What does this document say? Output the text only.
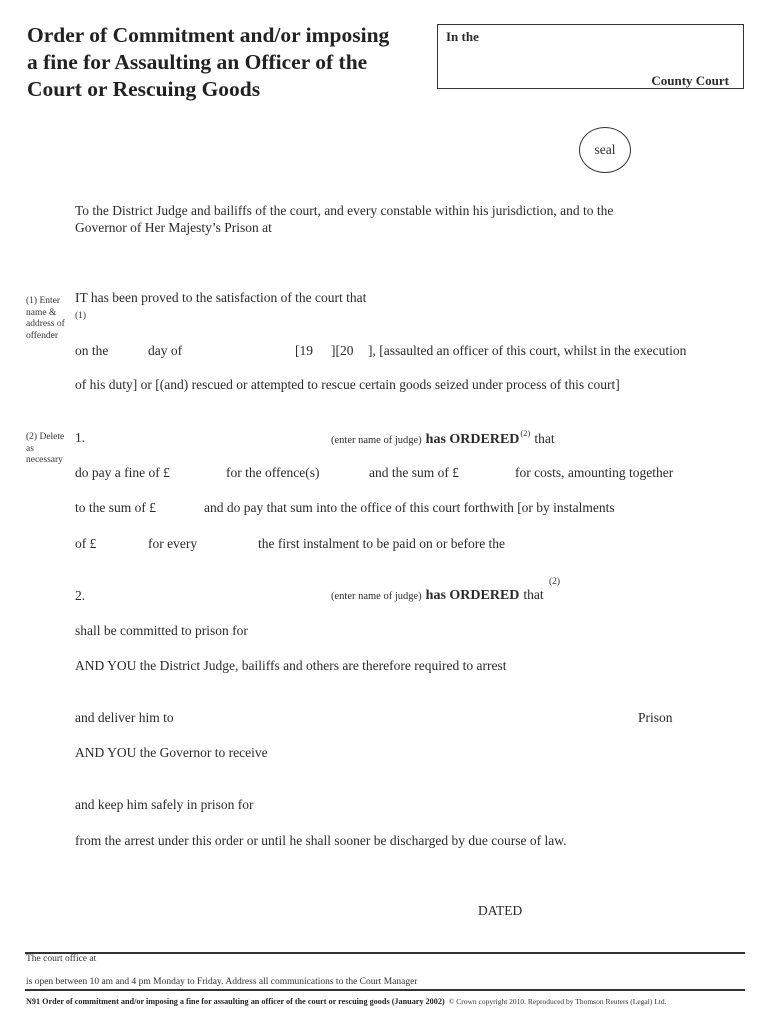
Order of Commitment and/or imposing
a fine for Assaulting an Officer of the
Court or Rescuing Goods
In the
County Court
seal
To the District Judge and bailiffs of the court, and every constable within his jurisdiction, and to the
Governor of Her Majesty’s Prison at
(1) Enter name & address of offender
(2) Delete as necessary
IT has been proved to the satisfaction of the court that
(1)
on the	day of	[19 ][20 ], [assaulted an officer of this court, whilst in the execution
of his duty] or [(and) rescued or attempted to rescue certain goods seized under process of this court]
1.	(enter name of judge) has ORDERED$^{(2)}$ that
do pay a fine of £	for the offence(s)	and the sum of £	for costs, amounting together
to the sum of £	and do pay that sum into the office of this court forthwith [or by instalments
of £	for every	the first instalment to be paid on or before the
2.
(2)
(enter name of judge) has ORDERED that
shall be committed to prison for
AND YOU the District Judge, bailiffs and others are therefore required to arrest
and deliver him to	Prison
AND YOU the Governor to receive
and keep him safely in prison for
from the arrest under this order or until he shall sooner be discharged by due course of law.
DATED
The court office at
is open between 10 am and 4 pm Monday to Friday. Address all communications to the Court Manager
N91 Order of commitment and/or imposing a fine for assaulting an officer of the court or rescuing goods (January 2002) © Crown copyright 2010. Reproduced by Thomson Reuters (Legal) Ltd.
